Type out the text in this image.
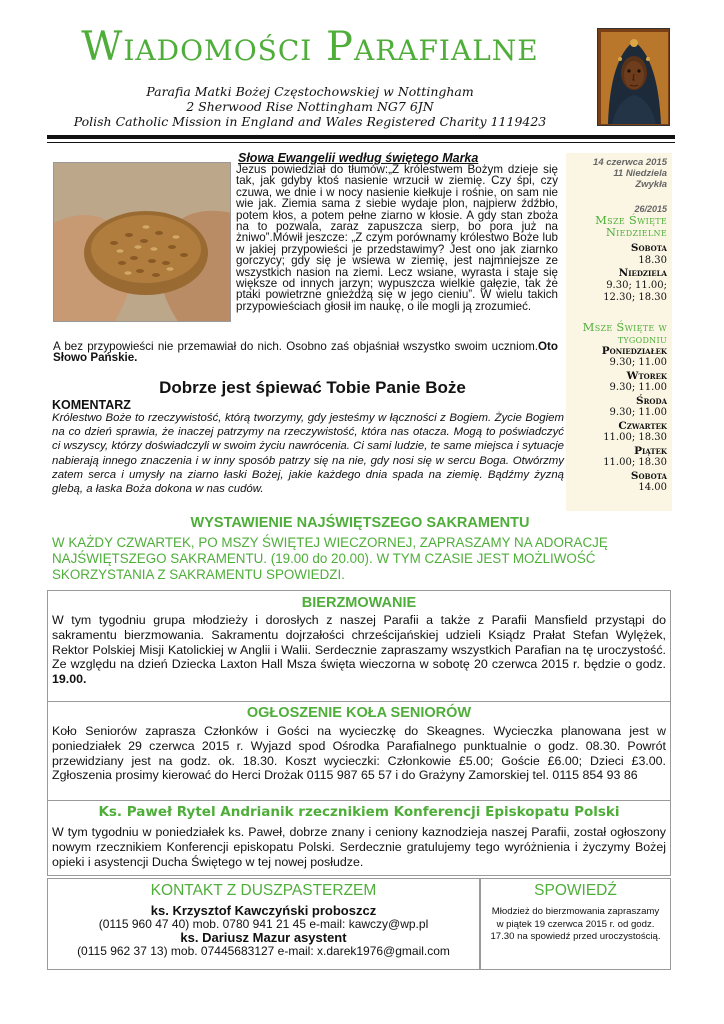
Wiadomości Parafialne
Parafia Matki Bożej Częstochowskiej w Nottingham
2 Sherwood Rise Nottingham NG7 6JN
Polish Catholic Mission in England and Wales Registered Charity 1119423
Słowa Ewangelii według świętego Marka
Jezus powiedział do tłumów:„Z królestwem Bożym dzieje się tak, jak gdyby ktoś nasienie wrzucił w ziemię. Czy śpi, czy czuwa, we dnie i w nocy nasienie kiełkuje i rośnie, on sam nie wie jak. Ziemia sama z siebie wydaje plon, najpierw źdźbło, potem kłos, a potem pełne ziarno w kłosie. A gdy stan zboża na to pozwala, zaraz zapuszcza sierp, bo pora już na żniwo”.Mówił jeszcze: „Z czym porównamy królestwo Boże lub w jakiej przypowieści je przedstawimy? Jest ono jak ziarnko gorczycy; gdy się je wsiewa w ziemię, jest najmniejsze ze wszystkich nasion na ziemi. Lecz wsiane, wyrasta i staje się większe od innych jarzyn; wypuszcza wielkie gałęzie, tak że ptaki powietrzne gnieżdżą się w jego cieniu”. W wielu takich przypowieściach głosił im naukę, o ile mogli ją zrozumieć.
A bez przypowieści nie przemawiał do nich. Osobno zaś objaśniał wszystko swoim uczniom.Oto Słowo Pańskie.
14 czerwca 2015
11 Niedziela
Zwykła
26/2015
Msze Święte Niedzielne
Sobota
18.30
Niedziela
9.30; 11.00;
12.30; 18.30
Msze Święte w tygodniu
Poniedziałek
9.30; 11.00
Wtorek
9.30; 11.00
Środa
9.30; 11.00
Czwartek
11.00; 18.30
Piątek
11.00; 18.30
Sobota
14.00
Dobrze jest śpiewać Tobie Panie Boże
KOMENTARZ
Królestwo Boże to rzeczywistość, którą tworzymy, gdy jesteśmy w łączności z Bogiem. Życie Bogiem na co dzień sprawia, że inaczej patrzymy na rzeczywistość, która nas otacza. Mogą to poświadczyć ci wszyscy, którzy doświadczyli w swoim życiu nawrócenia. Ci sami ludzie, te same miejsca i sytuacje nabierają innego znaczenia i w inny sposób patrzy się na nie, gdy nosi się w sercu Boga. Otwórzmy zatem serca i umysły na ziarno łaski Bożej, jakie każdego dnia spada na ziemię. Bądźmy żyzną glebą, a łaska Boża dokona w nas cudów.
WYSTAWIENIE NAJŚWIĘTSZEGO SAKRAMENTU
W KAŻDY CZWARTEK, PO MSZY ŚWIĘTEJ WIECZORNEJ, ZAPRASZAMY NA ADORACJĘ NAJŚWIĘTSZEGO SAKRAMENTU. (19.00 do 20.00). W TYM CZASIE JEST MOŻLIWOŚĆ SKORZYSTANIA Z SAKRAMENTU SPOWIEDZI.
BIERZMOWANIE
W tym tygodniu grupa młodzieży i dorosłych z naszej Parafii a także z Parafii Mansfield przystąpi do sakramentu bierzmowania. Sakramentu dojrzałości chrześcijańskiej udzieli Ksiądz Prałat Stefan Wylężek, Rektor Polskiej Misji Katolickiej w Anglii i Walii. Serdecznie zapraszamy wszystkich Parafian na tę uroczystość. Ze względu na dzień Dziecka Laxton Hall Msza święta wieczorna w sobotę 20 czerwca 2015 r. będzie o godz. 19.00.
OGŁOSZENIE KOŁA SENIORÓW
Koło Seniorów zaprasza Członków i Gości na wycieczkę do Skeagnes. Wycieczka planowana jest w poniedziałek 29 czerwca 2015 r. Wyjazd spod Ośrodka Parafialnego punktualnie o godz. 08.30. Powrót przewidziany jest na godz. ok. 18.30. Koszt wycieczki: Członkowie £5.00; Goście £6.00; Dzieci £3.00. Zgłoszenia prosimy kierować do Herci Drożak 0115 987 65 57 i do Grażyny Zamorskiej tel. 0115 854 93 86
Ks. Paweł Rytel Andrianik rzecznikiem Konferencji Episkopatu Polski
W tym tygodniu w poniedziałek ks. Paweł, dobrze znany i ceniony kaznodzieja naszej Parafii, został ogłoszony nowym rzecznikiem Konferencji episkopatu Polski. Serdecznie gratulujemy tego wyróżnienia i życzymy Bożej opieki i asystencji Ducha Świętego w tej nowej posłudze.
KONTAKT Z DUSZPASTERZEM
ks. Krzysztof Kawczyński proboszcz
(0115 960 47 40) mob. 0780 941 21 45 e-mail: kawczy@wp.pl
ks. Dariusz Mazur asystent
(0115 962 37 13) mob. 07445683127 e-mail: x.darek1976@gmail.com
SPOWIEDŹ
Młodzież do bierzmowania zapraszamy w piątek 19 czerwca 2015 r. od godz. 17.30 na spowiedź przed uroczystością.
